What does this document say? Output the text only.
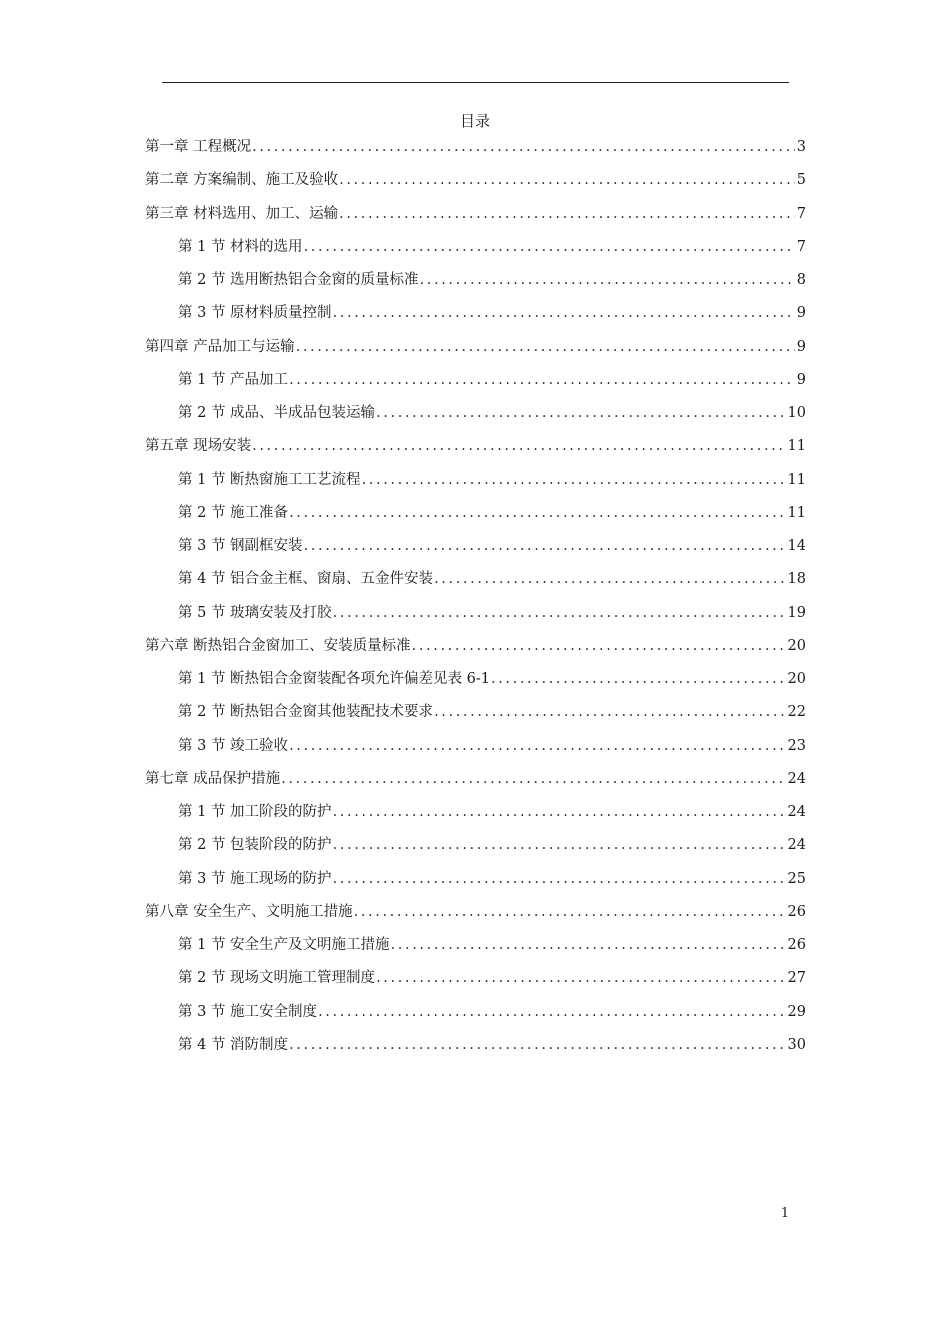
目录
第一章 工程概况 .....	3
第二章 方案编制、施工及验收 .....	5
第三章 材料选用、加工、运输 .....	7
第 1 节 材料的选用 .....	7
第 2 节 选用断热铝合金窗的质量标准 .....	8
第 3 节 原材料质量控制 .....	9
第四章 产品加工与运输 .....	9
第 1 节 产品加工 .....	9
第 2 节 成品、半成品包装运输 .....	10
第五章 现场安装 .....	11
第 1 节 断热窗施工工艺流程 .....	11
第 2 节 施工准备 .....	11
第 3 节 钢副框安装 .....	14
第 4 节 铝合金主框、窗扇、五金件安装 .....	18
第 5 节 玻璃安装及打胶 .....	19
第六章 断热铝合金窗加工、安装质量标准 .....	20
第 1 节 断热铝合金窗装配各项允许偏差见表 6-1 .....	20
第 2 节 断热铝合金窗其他装配技术要求 .....	22
第 3 节 竣工验收 .....	23
第七章 成品保护措施 .....	24
第 1 节 加工阶段的防护 .....	24
第 2 节 包装阶段的防护 .....	24
第 3 节 施工现场的防护 .....	25
第八章 安全生产、文明施工措施 .....	26
第 1 节 安全生产及文明施工措施 .....	26
第 2 节 现场文明施工管理制度 .....	27
第 3 节 施工安全制度 .....	29
第 4 节 消防制度 .....	30
1
